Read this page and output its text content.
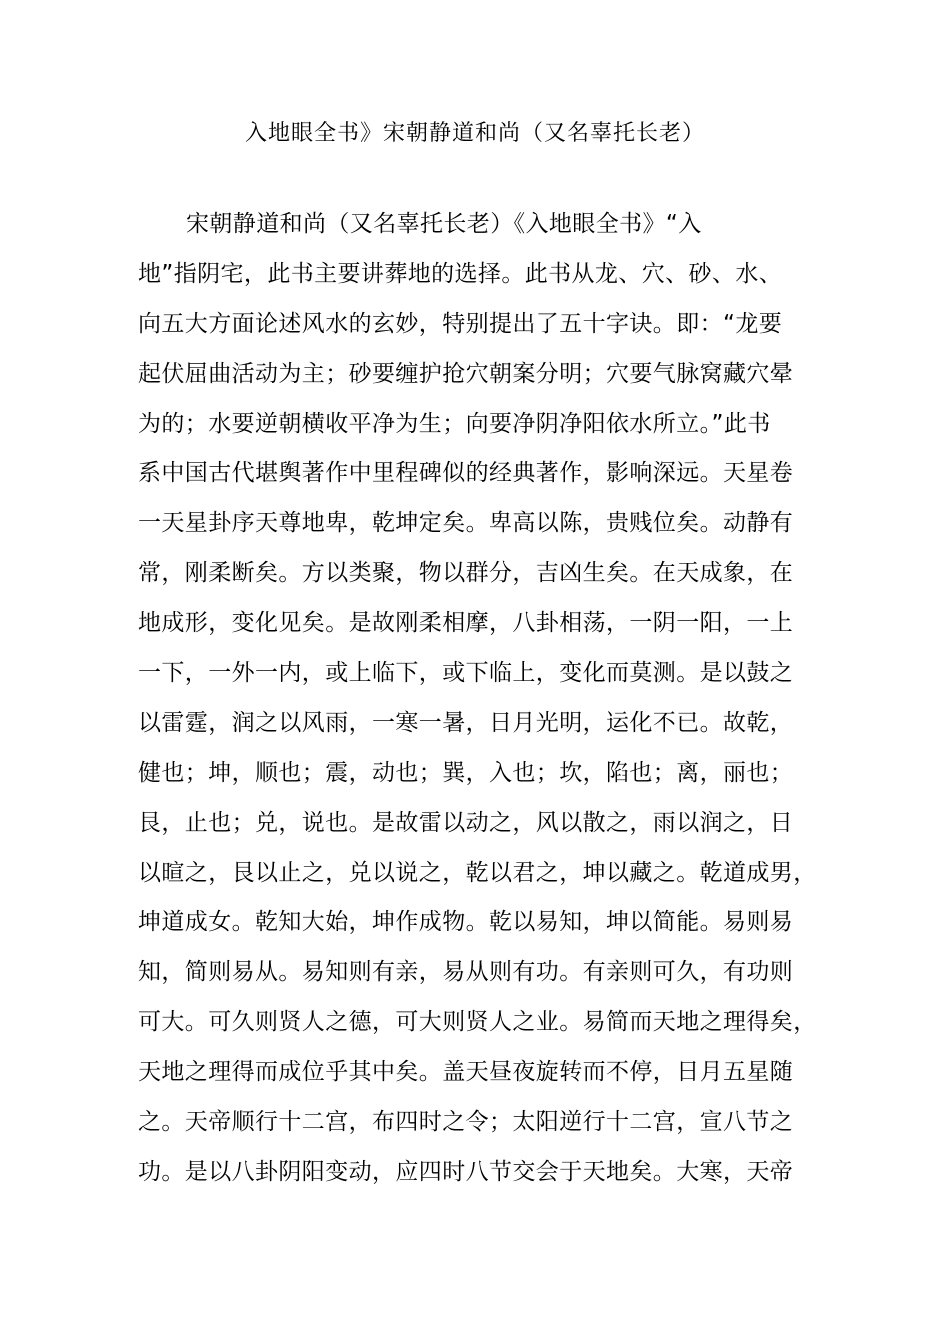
入地眼全书》宋朝静道和尚（又名辜托长老）
宋朝静道和尚（又名辜托长老）《入地眼全书》“入
地”指阴宅，此书主要讲葬地的选择。此书从龙、穴、砂、水、
向五大方面论述风水的玄妙，特别提出了五十字诀。即：“龙要
起伏屈曲活动为主；砂要缠护抢穴朝案分明；穴要气脉窝藏穴晕
为的；水要逆朝横收平净为生；向要净阴净阳依水所立。”此书
系中国古代堪舆著作中里程碑似的经典著作，影响深远。天星卷
一天星卦序天尊地卑，乾坤定矣。卑高以陈，贵贱位矣。动静有
常，刚柔断矣。方以类聚，物以群分，吉凶生矣。在天成象，在
地成形，变化见矣。是故刚柔相摩，八卦相荡，一阴一阳，一上
一下，一外一内，或上临下，或下临上，变化而莫测。是以鼓之
以雷霆，润之以风雨，一寒一暑，日月光明，运化不已。故乾，
健也；坤，顺也；震，动也；巽，入也；坎，陷也；离，丽也；
艮，止也；兑，说也。是故雷以动之，风以散之，雨以润之，日
以暄之，艮以止之，兑以说之，乾以君之，坤以藏之。乾道成男，
坤道成女。乾知大始，坤作成物。乾以易知，坤以简能。易则易
知，简则易从。易知则有亲，易从则有功。有亲则可久，有功则
可大。可久则贤人之德，可大则贤人之业。易简而天地之理得矣，
天地之理得而成位乎其中矣。盖天昼夜旋转而不停，日月五星随
之。天帝顺行十二宫，布四时之令；太阳逆行十二宫，宣八节之
功。是以八卦阴阳变动，应四时八节交会于天地矣。大寒，天帝
